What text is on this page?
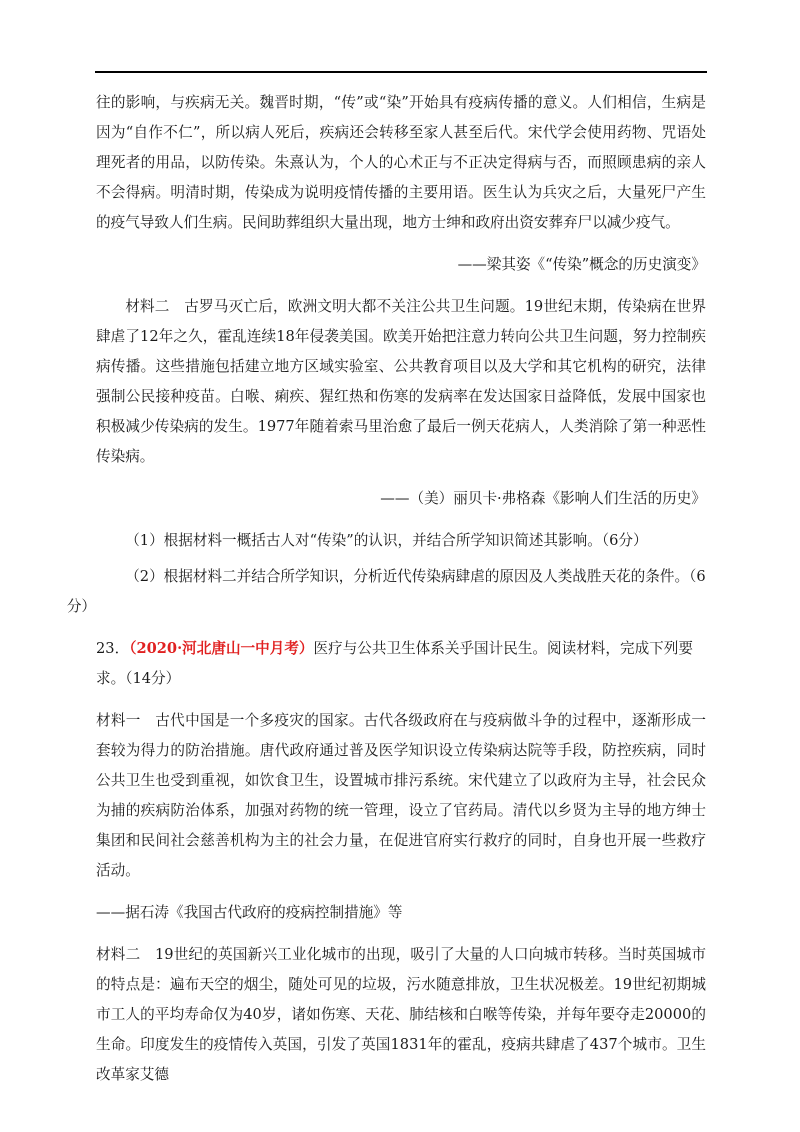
往的影响，与疾病无关。魏晋时期，“传”或“染”开始具有疫病传播的意义。人们相信，生病是因为“自作不仁”，所以病人死后，疾病还会转移至家人甚至后代。宋代学会使用药物、咒语处理死者的用品，以防传染。朱熹认为，个人的心术正与不正决定得病与否，而照顾患病的亲人不会得病。明清时期，传染成为说明疫情传播的主要用语。医生认为兵灾之后，大量死尸产生的疫气导致人们生病。民间助葬组织大量出现，地方士绅和政府出资安葬弃尸以减少疫气。

——梁其姿《“传染”概念的历史演变》

材料二 古罗马灭亡后，欧洲文明大都不关注公共卫生问题。19世纪末期，传染病在世界肆虐了12年之久，霍乱连续18年侵袭美国。欧美开始把注意力转向公共卫生问题，努力控制疾病传播。这些措施包括建立地方区域实验室、公共教育项目以及大学和其它机构的研究，法律强制公民接种疫苗。白喉、痢疾、猩红热和伤寒的发病率在发达国家日益降低，发展中国家也积极减少传染病的发生。1977年随着索马里治愈了最后一例天花病人，人类消除了第一种恶性传染病。

——（美）丽贝卡·弗格森《影响人们生活的历史》

（1）根据材料一概括古人对“传染”的认识，并结合所学知识简述其影响。（6分）

（2）根据材料二并结合所学知识，分析近代传染病肆虐的原因及人类战胜天花的条件。（6
分）

23．（2020·河北唐山一中月考）医疗与公共卫生体系关乎国计民生。阅读材料，完成下列要求。（14分）

材料一 古代中国是一个多疫灾的国家。古代各级政府在与疫病做斗争的过程中，逐渐形成一套较为得力的防治措施。唐代政府通过普及医学知识设立传染病达院等手段，防控疾病，同时公共卫生也受到重视，如饮食卫生，设置城市排污系统。宋代建立了以政府为主导，社会民众为捕的疾病防治体系，加强对药物的统一管理，设立了官药局。清代以乡贤为主导的地方绅士集团和民间社会慈善机构为主的社会力量，在促进官府实行救疗的同时，自身也开展一些救疗活动。

——据石涛《我国古代政府的疫病控制措施》等

材料二 19世纪的英国新兴工业化城市的出现，吸引了大量的人口向城市转移。当时英国城市的特点是：遍布天空的烟尘，随处可见的垃圾，污水随意排放，卫生状况极差。19世纪初期城市工人的平均寿命仅为40岁，诸如伤寒、天花、肺结核和白喉等传染，并每年要夺走20000的生命。印度发生的疫情传入英国，引发了英国1831年的霍乱，疫病共肆虐了437个城市。卫生改革家艾德
